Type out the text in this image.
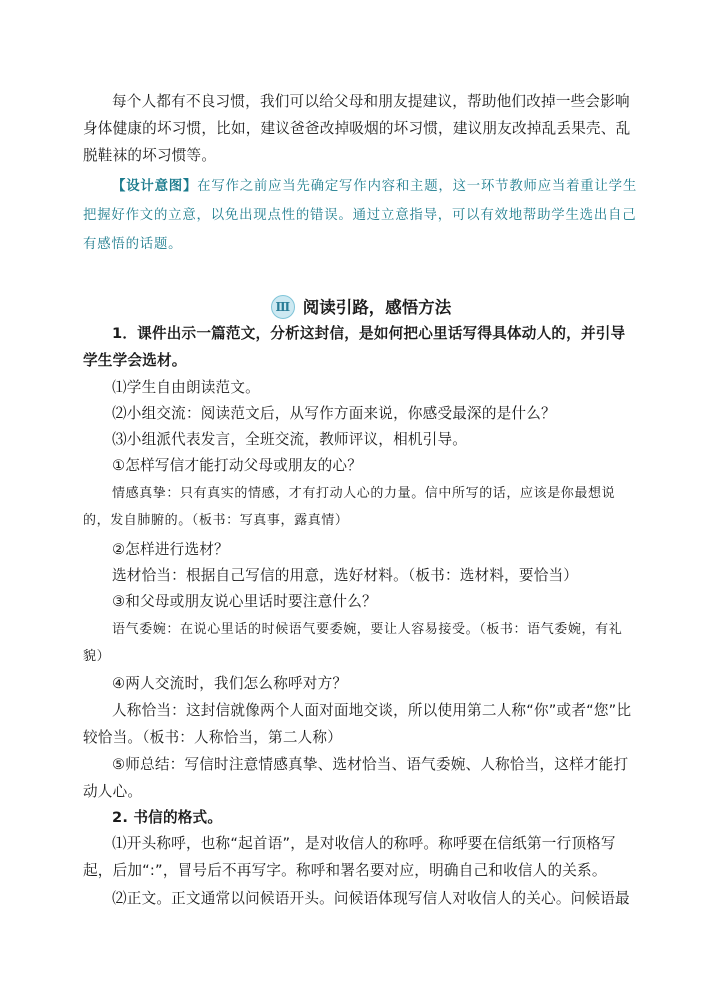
每个人都有不良习惯，我们可以给父母和朋友提建议，帮助他们改掉一些会影响身体健康的坏习惯，比如，建议爸爸改掉吸烟的坏习惯，建议朋友改掉乱丢果壳、乱脱鞋袜的坏习惯等。

【设计意图】在写作之前应当先确定写作内容和主题，这一环节教师应当着重让学生把握好作文的立意，以免出现点性的错误。通过立意指导，可以有效地帮助学生选出自己有感悟的话题。

Ⅲ 阅读引路，感悟方法

1．课件出示一篇范文，分析这封信，是如何把心里话写得具体动人的，并引导学生学会选材。

⑴学生自由朗读范文。

⑵小组交流：阅读范文后，从写作方面来说，你感受最深的是什么？

⑶小组派代表发言，全班交流，教师评议，相机引导。

①怎样写信才能打动父母或朋友的心？

情感真挚：只有真实的情感，才有打动人心的力量。信中所写的话，应该是你最想说的，发自肺腑的。（板书：写真事，露真情）

②怎样进行选材？

选材恰当：根据自己写信的用意，选好材料。（板书：选材料，要恰当）

③和父母或朋友说心里话时要注意什么？

语气委婉：在说心里话的时候语气要委婉，要让人容易接受。（板书：语气委婉，有礼貌）

④两人交流时，我们怎么称呼对方？

人称恰当：这封信就像两个人面对面地交谈，所以使用第二人称“你”或者“您”比较恰当。（板书：人称恰当，第二人称）

⑤师总结：写信时注意情感真挚、选材恰当、语气委婉、人称恰当，这样才能打动人心。

2. 书信的格式。

⑴开头称呼，也称“起首语”，是对收信人的称呼。称呼要在信纸第一行顶格写起，后加“:”，冒号后不再写字。称呼和署名要对应，明确自己和收信人的关系。

⑵正文。正文通常以问候语开头。问候语体现写信人对收信人的关心。问候语最
